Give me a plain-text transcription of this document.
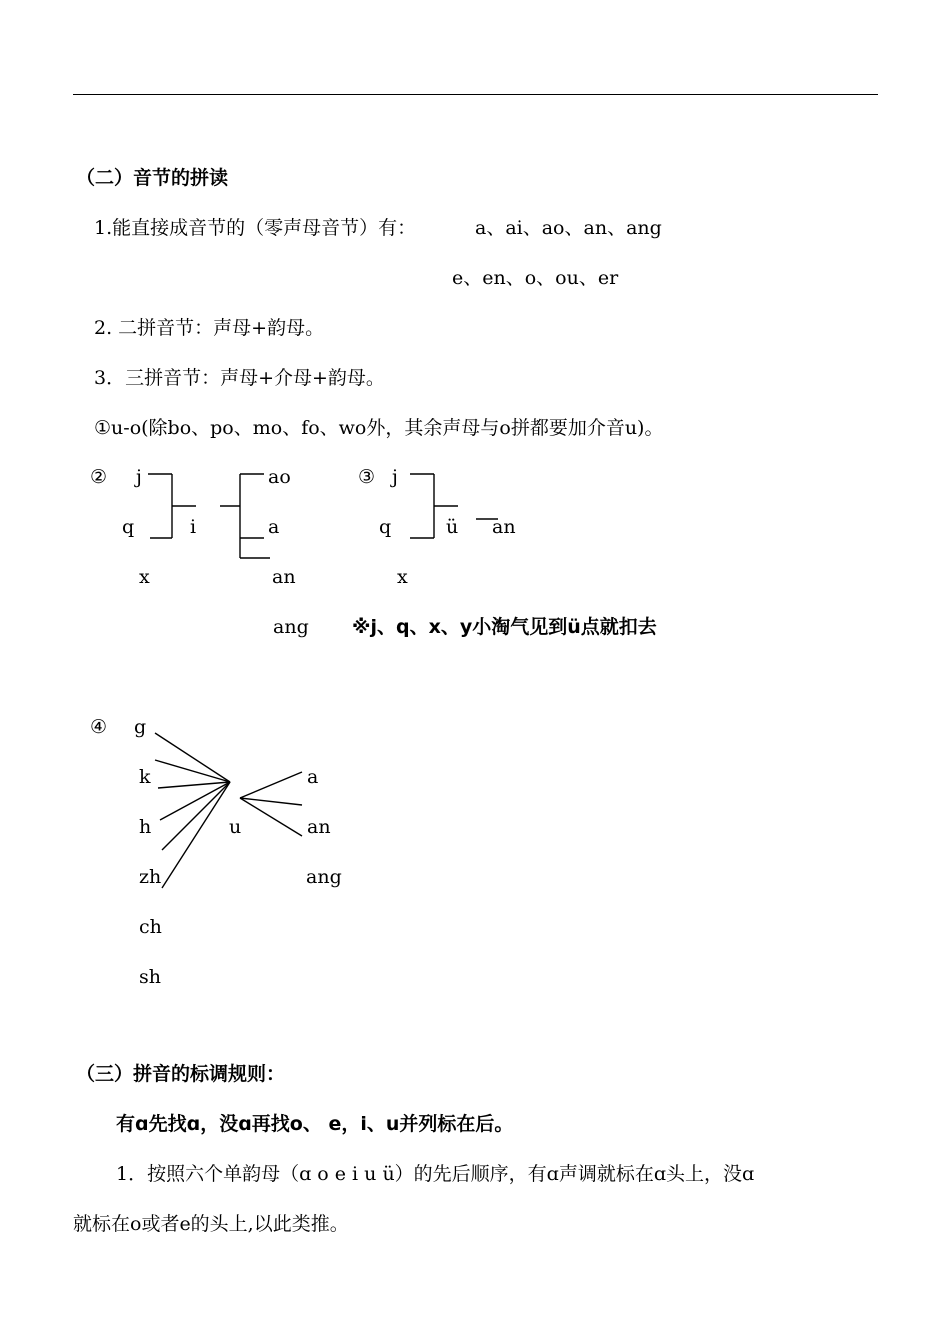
（二）音节的拼读
1.能直接成音节的（零声母音节）有：	a、ai、ao、an、ang
e、en、o、ou、er
2. 二拼音节：声母+韵母。
3．三拼音节：声母+介母+韵母。
①u-o(除bo、po、mo、fo、wo外，其余声母与o拼都要加介音u)。
② j
q
x
i
ao
a
an
ang
③ j
q
x
ü an
※j、q、x、y小淘气见到ü点就扣去
④ g
k
h
zh
ch
sh
u
a
an
ang
（三）拼音的标调规则：
有ɑ先找ɑ，没ɑ再找o、 e，i、u并列标在后。
1．按照六个单韵母（ɑ o e i u ü）的先后顺序，有ɑ声调就标在ɑ头上，没ɑ
就标在o或者e的头上,以此类推。
